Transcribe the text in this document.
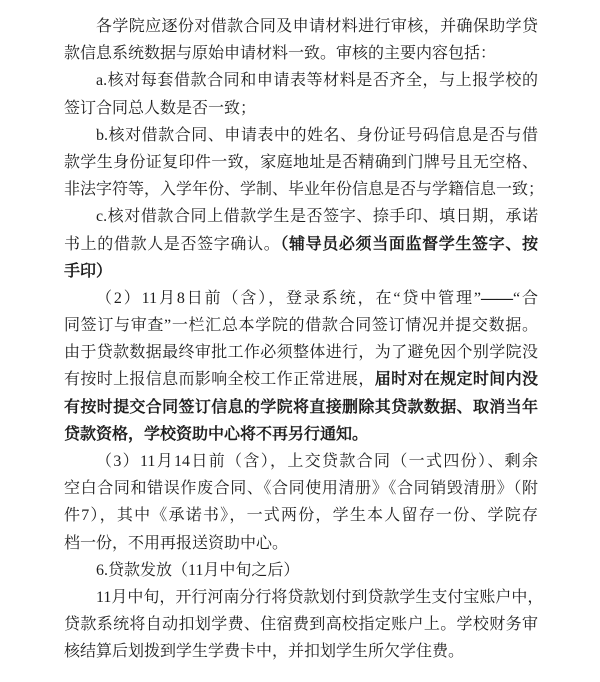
各学院应逐份对借款合同及申请材料进行审核，并确保助学贷
款信息系统数据与原始申请材料一致。审核的主要内容包括：
a.核对每套借款合同和申请表等材料是否齐全，与上报学校的
签订合同总人数是否一致；
b.核对借款合同、申请表中的姓名、身份证号码信息是否与借
款学生身份证复印件一致，家庭地址是否精确到门牌号且无空格、
非法字符等，入学年份、学制、毕业年份信息是否与学籍信息一致；
c.核对借款合同上借款学生是否签字、捺手印、填日期，承诺
书上的借款人是否签字确认。（辅导员必须当面监督学生签字、按
手印）
（2）11月8日前（含），登录系统，在“贷中管理”——“合
同签订与审查”一栏汇总本学院的借款合同签订情况并提交数据。
由于贷款数据最终审批工作必须整体进行，为了避免因个别学院没
有按时上报信息而影响全校工作正常进展，届时对在规定时间内没
有按时提交合同签订信息的学院将直接删除其贷款数据、取消当年
贷款资格，学校资助中心将不再另行通知。
（3）11月14日前（含），上交贷款合同（一式四份）、剩余
空白合同和错误作废合同、《合同使用清册》《合同销毁清册》（附
件7），其中《承诺书》，一式两份，学生本人留存一份、学院存
档一份，不用再报送资助中心。
6.贷款发放（11月中旬之后）
11月中旬，开行河南分行将贷款划付到贷款学生支付宝账户中，
贷款系统将自动扣划学费、住宿费到高校指定账户上。学校财务审
核结算后划拨到学生学费卡中，并扣划学生所欠学住费。
